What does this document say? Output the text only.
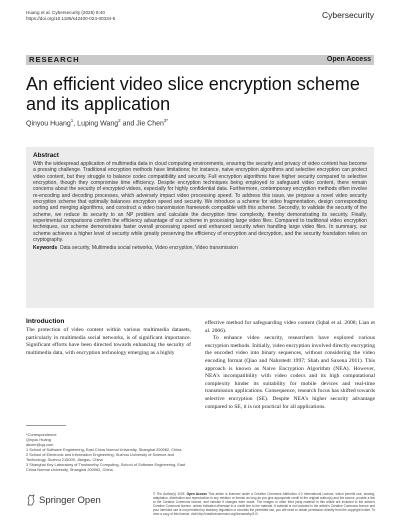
Huang et al. Cybersecurity (2025) 8:40
https://doi.org/10.1186/s42400-024-00334-5	Cybersecurity
RESEARCH	Open Access
An efficient video slice encryption scheme and its application
Qinyou Huang$^1$, Luping Wang$^2$ and Jie Chen$^{3*}$
Abstract
With the widespread application of multimedia data in cloud computing environments, ensuring the security and privacy of video content has become a pressing challenge. Traditional encryption methods have limitations; for instance, naive encryption algorithms and selective encryption can protect video content, but they struggle to balance codec compatibility and security. Full encryption algorithms have higher security compared to selective encryption, though they compromise time efficiency. Despite encryption techniques being employed to safeguard video content, there remain concerns about the security of encrypted videos, especially for highly confidential data. Furthermore, contemporary encryption methods often involve re-encoding and decoding processes, which adversely impact video processing speed. To address this issue, we propose a novel video security encryption scheme that optimally balances encryption speed and security. We introduce a scheme for video fragmentation, design corresponding sorting and merging algorithms, and construct a video transmission framework compatible with this scheme. Secondly, to validate the security of the scheme, we reduce its security to an NP problem and calculate the decryption time complexity, thereby demonstrating its security. Finally, experimental comparisons confirm the efficiency advantage of our scheme in processing large video files. Compared to traditional video encryption techniques, our scheme demonstrates faster overall processing speed and enhanced security when handling large video files. In summary, our scheme achieves a higher level of security while greatly preserving the efficiency of encryption and decryption, and the security foundation relies on cryptography.
Keywords Data security, Multimedia social networks, Video encryption, Video transmission
Introduction

The protection of video content within various multimedia datasets, particularly in multimedia social networks, is of significant importance. Significant efforts have been directed towards enhancing the security of multimedia data, with encryption technology emerging as a highly

effective method for safeguarding video content (Iqbal et al. 2008; Lian et al. 2006).

To enhance video security, researchers have explored various encryption methods. Initially, video encryption involved directly encrypting the encoded video into binary sequences, without considering the video encoding format (Qiao and Nahrstedt 1997; Shah and Saxena 2011). This approach is known as Naive Encryption Algorithm (NEA). However, NEA's incompatibility with video codecs and its high computational complexity hinder its suitability for mobile devices and real-time transmission applications. Consequence, research focus has shifted towards selective encryption (SE). Despite NEA's higher security advantage compared to SE, it is not practical for all applications.

*Correspondence:

Qinyou Huang

abcee@qq.com

1 School of Software Engineering, East China Normal University, Shanghai 200062, China

2 School of Electronic and Information Engineering, Suzhou University of Science and Technology, Suzhou 215009, Jiangsu, China

3 Shanghai Key Laboratory of Trustworthy Computing, School of Software Engineering, East China Normal University, Shanghai 200062, China

Springer Open
© The Author(s) 2025. Open Access This article is licensed under a Creative Commons Attribution 4.0 International License, which permits use, sharing, adaptation, distribution and reproduction in any medium or format, as long as you give appropriate credit to the original author(s) and the source, provide a link to the Creative Commons licence, and indicate if changes were made. The images or other third party material in this article are included in the article's Creative Commons licence, unless indicated otherwise in a credit line to the material. If material is not included in the article's Creative Commons licence and your intended use is not permitted by statutory regulation or exceeds the permitted use, you will need to obtain permission directly from the copyright holder. To view a copy of this licence, visit http://creativecommons.org/licenses/by/4.0/.
